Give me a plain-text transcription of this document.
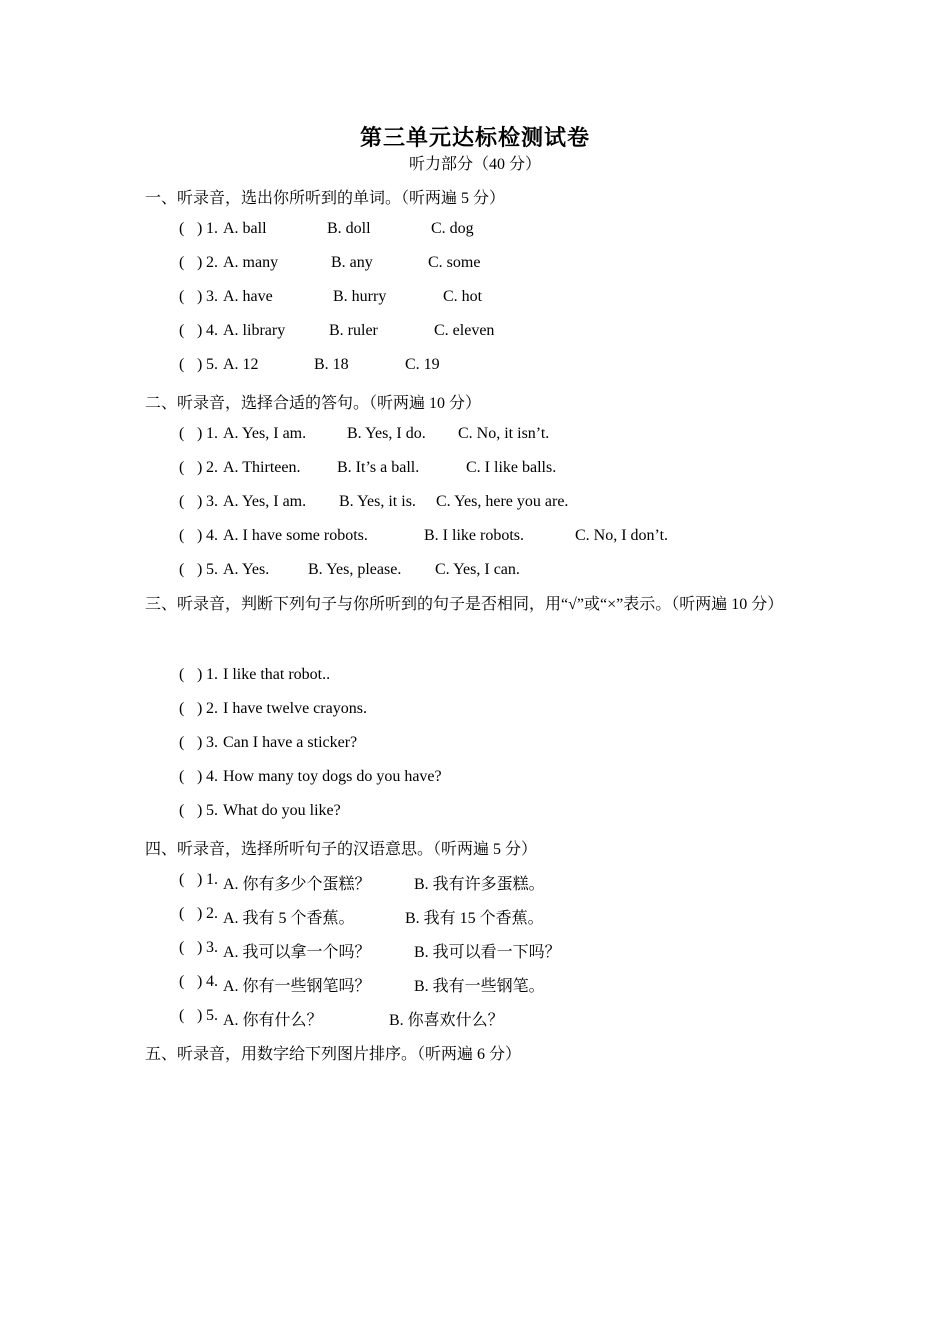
第三单元达标检测试卷
听力部分（40 分）
一、听录音，选出你所听到的单词。（听两遍 5 分）
( ) 1. A. ball	B. doll	C. dog
( ) 2. A. many	B. any	C. some
( ) 3. A. have	B. hurry	C. hot
( ) 4. A. library	B. ruler	C. eleven
( ) 5. A. 12	B. 18	C. 19
二、听录音，选择合适的答句。（听两遍 10 分）
( ) 1. A. Yes, I am.	B. Yes, I do. C. No, it isn’t.
( ) 2. A. Thirteen. B. It’s a ball.	C. I like balls.
( ) 3. A. Yes, I am. B. Yes, it is. C. Yes, here you are.
( ) 4. A. I have some robots.	B. I like robots.	C. No, I don’t.
( ) 5. A. Yes. B. Yes, please. C. Yes, I can.
三、听录音，判断下列句子与你所听到的句子是否相同，用“√”或“×”表示。（听两遍 10 分）
( ) 1. I like that robot..
( ) 2. I have twelve crayons.
( ) 3. Can I have a sticker?
( ) 4. How many toy dogs do you have?
( ) 5. What do you like?
四、听录音，选择所听句子的汉语意思。（听两遍 5 分）
( ) 1. A. 你有多少个蛋糕？	B. 我有许多蛋糕。
( ) 2. A. 我有 5 个香蕉。	B. 我有 15 个香蕉。
( ) 3. A. 我可以拿一个吗？	B. 我可以看一下吗？
( ) 4. A. 你有一些钢笔吗？	B. 我有一些钢笔。
( ) 5. A. 你有什么？	B. 你喜欢什么？
五、听录音，用数字给下列图片排序。（听两遍 6 分）
